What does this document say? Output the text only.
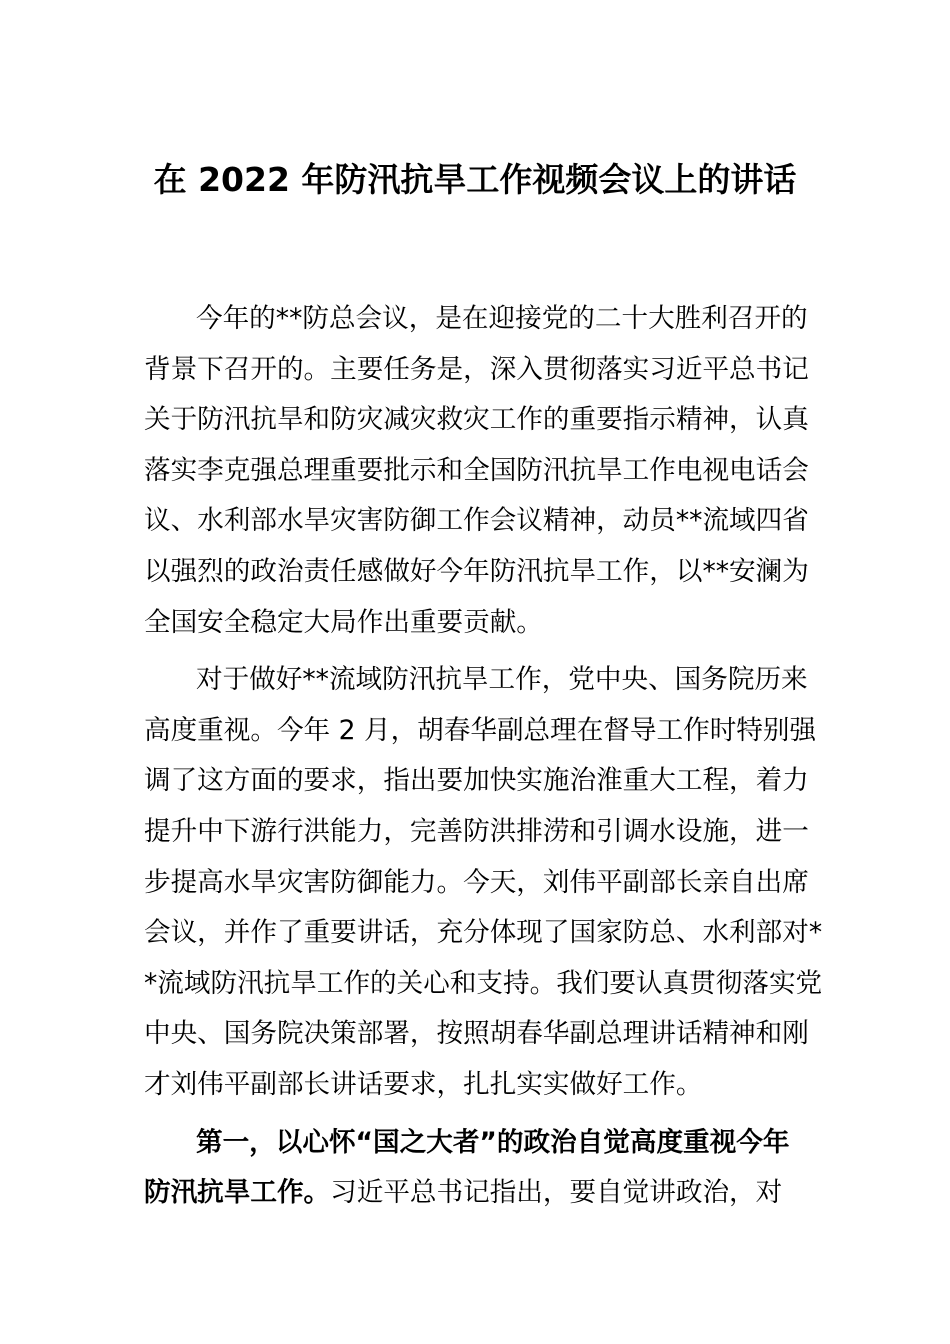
在 2022 年防汛抗旱工作视频会议上的讲话
今年的**防总会议，是在迎接党的二十大胜利召开的
背景下召开的。主要任务是，深入贯彻落实习近平总书记
关于防汛抗旱和防灾减灾救灾工作的重要指示精神，认真
落实李克强总理重要批示和全国防汛抗旱工作电视电话会
议、水利部水旱灾害防御工作会议精神，动员**流域四省
以强烈的政治责任感做好今年防汛抗旱工作，以**安澜为
全国安全稳定大局作出重要贡献。
对于做好**流域防汛抗旱工作，党中央、国务院历来
高度重视。今年 2 月，胡春华副总理在督导工作时特别强
调了这方面的要求，指出要加快实施治淮重大工程，着力
提升中下游行洪能力，完善防洪排涝和引调水设施，进一
步提高水旱灾害防御能力。今天，刘伟平副部长亲自出席
会议，并作了重要讲话，充分体现了国家防总、水利部对*
*流域防汛抗旱工作的关心和支持。我们要认真贯彻落实党
中央、国务院决策部署，按照胡春华副总理讲话精神和刚
才刘伟平副部长讲话要求，扎扎实实做好工作。
第一，以心怀“国之大者”的政治自觉高度重视今年
防汛抗旱工作。习近平总书记指出，要自觉讲政治，对
